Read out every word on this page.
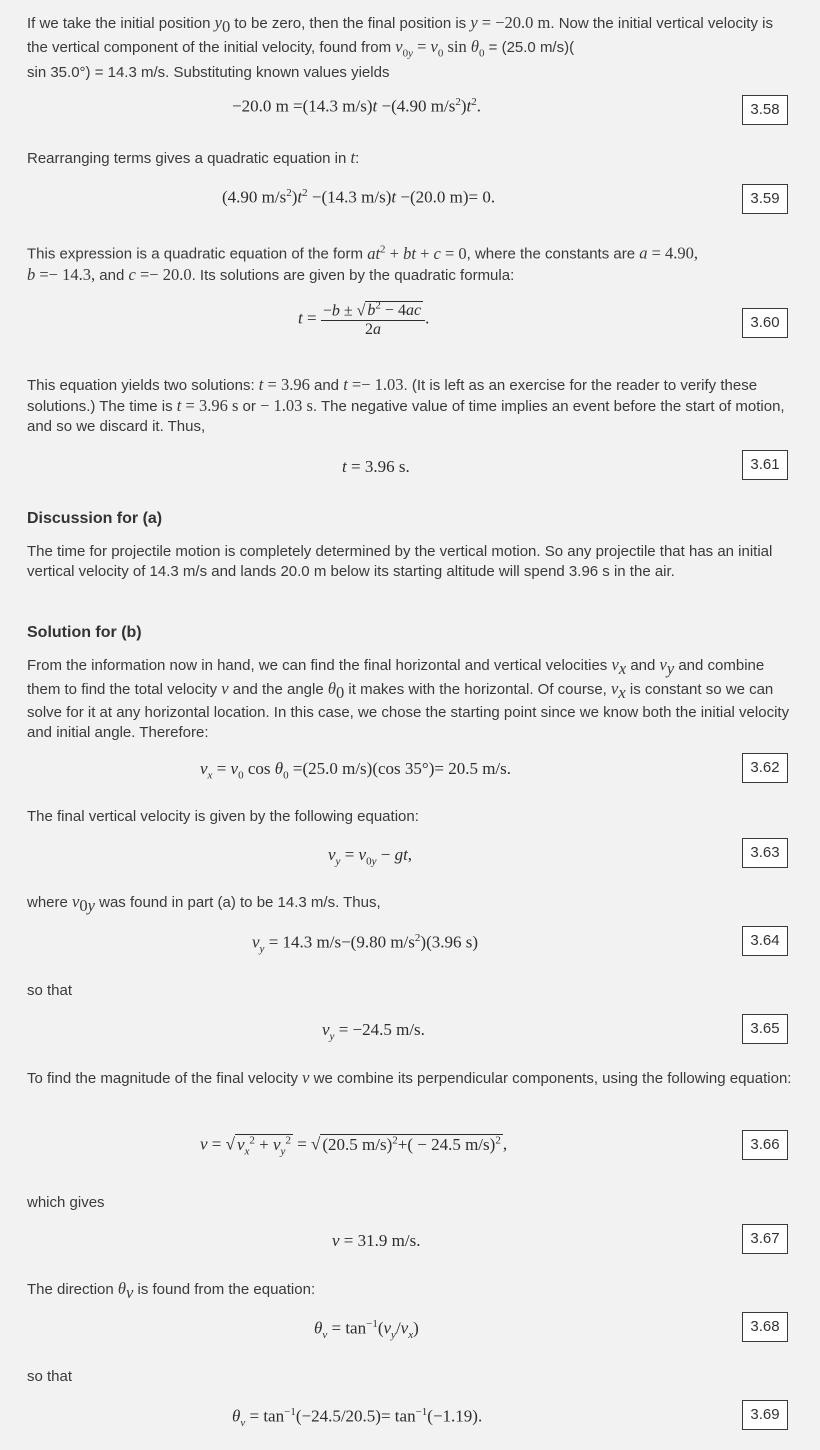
If we take the initial position $y_0$ to be zero, then the final position is y = −20.0 m. Now the initial vertical velocity is the vertical component of the initial velocity, found from $v_{0y} = v_0$ $\sin \theta_0 = (25.0$ m/s)(
sin 35.0°) = 14.3 m/s. Substituting known values yields
−20.0 m =(14.3 m/s)t −(4.90 $m/s^2)t^2$.	3.58
Rearranging terms gives a quadratic equation in t:
(4.90 $m/s^2)t^2 -(14.3$ m/s)t −(20.0 m)= 0.	3.59
This expression is a quadratic equation of the form $at^2$ + bt + c = 0, where the constants are a = 4.90,
b =− 14.3, and c =− 20.0. Its solutions are given by the quadratic formula:
$t = \frac{-b \pm √ b^2 - 4ac}{2a}$ .	3.60
This equation yields two solutions: t = 3.96 and t =− 1.03. (It is left as an exercise for the reader to verify these solutions.) The time is t = 3.96 s or − 1.03 s. The negative value of time implies an event before the start of motion, and so we discard it. Thus,
t = 3.96 s.	3.61
Discussion for (a)
The time for projectile motion is completely determined by the vertical motion. So any projectile that has an initial vertical velocity of 14.3 m/s and lands 20.0 m below its starting altitude will spend 3.96 s in the air.
Solution for (b)
From the information now in hand, we can find the final horizontal and vertical velocities $v_x$ and $v_y$ and combine them to find the total velocity v and the angle $\theta_0$ it makes with the horizontal. Of course, $v_x$ is constant so we can solve for it at any horizontal location. In this case, we chose the starting point since we know both the initial velocity and initial angle. Therefore:
$v_x = v_0$ $\cos \theta_0 =(25.0$ m/s)(cos 35°)= 20.5 m/s.	3.62
The final vertical velocity is given by the following equation:
$v_y = v_{0y}$ − gt,	3.63
where $v_{0y}$ was found in part (a) to be 14.3 m/s. Thus,
$v_y = 14.3$ m/s−(9.80 $m/s^2)(3.96$ s)	3.64
so that
$v_y = -24.5$ m/s.	3.65
To find the magnitude of the final velocity v we combine its perpendicular components, using the following equation:
v = √ $v_x^2 + v_y^2$ = √ (20.5 m/s)$^2$+( − 24.5 m/s)$^2$ ,	3.66
which gives
v = 31.9 m/s.	3.67
The direction $\theta_v$ is found from the equation:
$\theta_v = \tan^{-1}(v_y/v_x)$	3.68
so that
$\theta_v = \tan^{-1}(-24.5/20.5)= \tan^{-1}(-1.19)$.	3.69
